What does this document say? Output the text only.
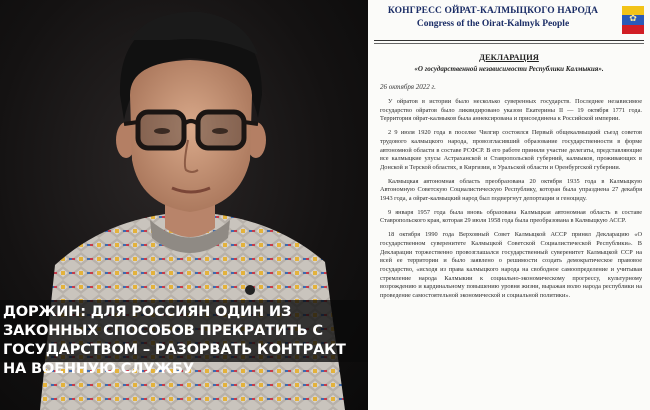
КОНГРЕСС ОЙРАТ-КАЛМЫЦКОГО НАРОДА
Congress of the Oirat-Kalmyk People	✿
ДЕКЛАРАЦИЯ
«О государственной независимости Республики Калмыкия».
26 октября 2022 г.

У ойратов в истории было несколько суверенных государств. Последнее независимое государство ойратов было ликвидировано указом Екатерины II — 19 октября 1771 года. Территория ойрат-калмыков была аннексирована и присоединена к Российской империи.

2 9 июля 1920 года в поселке Чилгир состоялся Первый общекалмыцкий съезд советов трудового калмыцкого народа, провозгласивший образование государственности в форме автономной области в составе РСФСР. В его работе приняли участие делегаты, представляющие все калмыцкие улусы Астраханской и Ставропольской губерний, калмыков, проживающих в Донской и Терской областях, в Киргизии, в Уральской области и Оренбургской губернии.

Калмыцкая автономная область преобразована 20 октября 1935 года в Калмыцкую Автономную Советскую Социалистическую Республику, которая была упразднена 27 декабря 1943 года, а ойрат-калмыцкий народ был подвергнут депортации и геноциду.

9 января 1957 года была вновь образована Калмыцкая автономная область в составе Ставропольского края, которая 29 июля 1958 года была преобразована в Калмыцкую АССР.

18 октября 1990 года Верховный Совет Калмыцкой АССР принял Декларацию «О государственном суверенитете Калмыцкой Советской Социалистической Республики». В Декларации торжественно провозглашался государственный суверенитет Калмыцкой ССР на всей ее территории и было заявлено о решимости создать демократическое правовое государство, «исходя из права калмыцкого народа на свободное самоопределение и учитывая стремление народа Калмыкии к социально-экономическому прогрессу, культурному возрождению и кардинальному повышению уровня жизни, выражая волю народа республики на проведение самостоятельной экономической и социальной политики».

ДОРЖИН: ДЛЯ РОССИЯН ОДИН ИЗ ЗАКОННЫХ СПОСОБОВ ПРЕКРАТИТЬ С ГОСУДАРСТВОМ – РАЗОРВАТЬ КОНТРАКТ НА ВОЕННУЮ СЛУЖБУ
